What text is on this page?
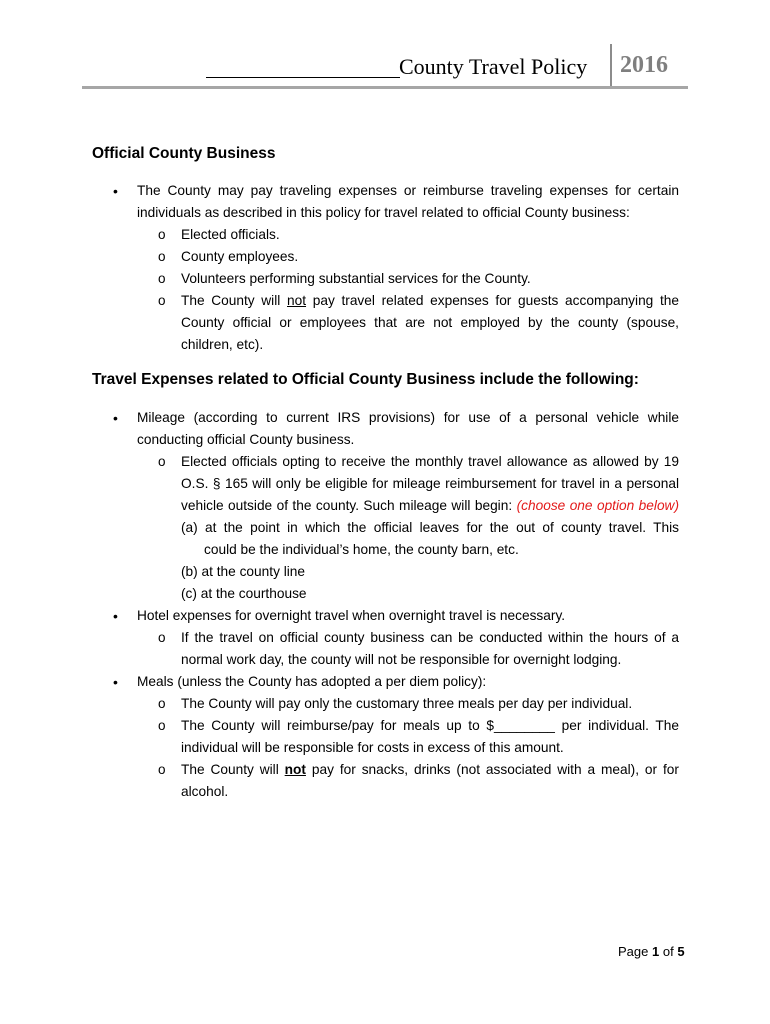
County Travel Policy 2016
Official County Business
• The County may pay traveling expenses or reimburse traveling expenses for certain
individuals as described in this policy for travel related to official County business:
o Elected officials.
o County employees.
o Volunteers performing substantial services for the County.
o The County will not pay travel related expenses for guests accompanying the
County official or employees that are not employed by the county (spouse,
children, etc).
Travel Expenses related to Official County Business include the following:
• Mileage (according to current IRS provisions) for use of a personal vehicle while
conducting official County business.
o Elected officials opting to receive the monthly travel allowance as allowed by 19
O.S. § 165 will only be eligible for mileage reimbursement for travel in a personal
vehicle outside of the county. Such mileage will begin: (choose one option below)
(a) at the point in which the official leaves for the out of county travel. This
could be the individual’s home, the county barn, etc.
(b) at the county line
(c) at the courthouse
• Hotel expenses for overnight travel when overnight travel is necessary.
o If the travel on official county business can be conducted within the hours of a
normal work day, the county will not be responsible for overnight lodging.
• Meals (unless the County has adopted a per diem policy):
o The County will pay only the customary three meals per day per individual.
o The County will reimburse/pay for meals up to $________ per individual. The
individual will be responsible for costs in excess of this amount.
o The County will not pay for snacks, drinks (not associated with a meal), or for
alcohol.
Page 1 of 5
